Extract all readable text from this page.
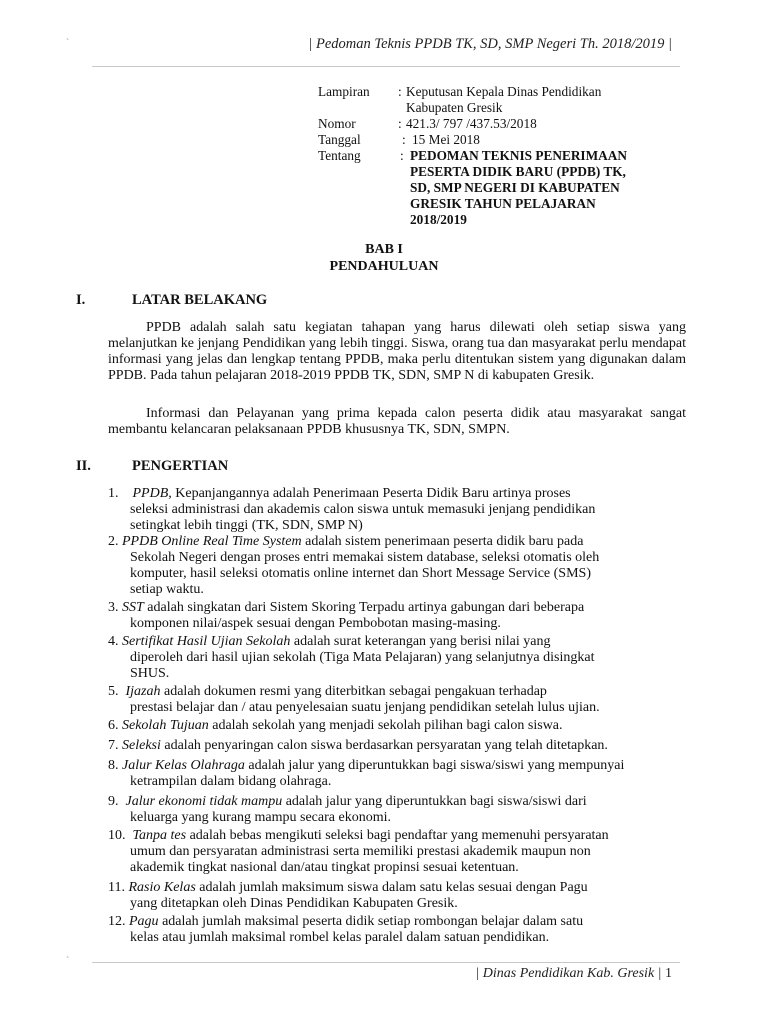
`	| Pedoman Teknis PPDB TK, SD, SMP Negeri Th. 2018/2019 |
Lampiran : Keputusan Kepala Dinas Pendidikan
Kabupaten Gresik
Nomor	: 421.3/ 797 /437.53/2018
Tanggal	: 15 Mei 2018
Tentang	: PEDOMAN TEKNIS PENERIMAAN
PESERTA DIDIK BARU (PPDB) TK,
SD, SMP NEGERI DI KABUPATEN
GRESIK TAHUN PELAJARAN
2018/2019
BAB I
PENDAHULUAN
I.	LATAR BELAKANG
PPDB adalah salah satu kegiatan tahapan yang harus dilewati oleh setiap siswa yang melanjutkan ke jenjang Pendidikan yang lebih tinggi. Siswa, orang tua dan masyarakat perlu mendapat informasi yang jelas dan lengkap tentang PPDB, maka perlu ditentukan sistem yang digunakan dalam PPDB. Pada tahun pelajaran 2018-2019 PPDB TK, SDN, SMP N di kabupaten Gresik.
Informasi dan Pelayanan yang prima kepada calon peserta didik atau masyarakat sangat membantu kelancaran pelaksanaan PPDB khususnya TK, SDN, SMPN.
II.	PENGERTIAN
1. PPDB, Kepanjangannya adalah Penerimaan Peserta Didik Baru artinya proses
seleksi administrasi dan akademis calon siswa untuk memasuki jenjang pendidikan
setingkat lebih tinggi (TK, SDN, SMP N)
2. PPDB Online Real Time System adalah sistem penerimaan peserta didik baru pada
Sekolah Negeri dengan proses entri memakai sistem database, seleksi otomatis oleh
komputer, hasil seleksi otomatis online internet dan Short Message Service (SMS)
setiap waktu.
3. SST adalah singkatan dari Sistem Skoring Terpadu artinya gabungan dari beberapa
komponen nilai/aspek sesuai dengan Pembobotan masing-masing.
4. Sertifikat Hasil Ujian Sekolah adalah surat keterangan yang berisi nilai yang
diperoleh dari hasil ujian sekolah (Tiga Mata Pelajaran) yang selanjutnya disingkat
SHUS.
5. Ijazah adalah dokumen resmi yang diterbitkan sebagai pengakuan terhadap
prestasi belajar dan / atau penyelesaian suatu jenjang pendidikan setelah lulus ujian.
6. Sekolah Tujuan adalah sekolah yang menjadi sekolah pilihan bagi calon siswa.
7. Seleksi adalah penyaringan calon siswa berdasarkan persyaratan yang telah ditetapkan.
8. Jalur Kelas Olahraga adalah jalur yang diperuntukkan bagi siswa/siswi yang mempunyai
ketrampilan dalam bidang olahraga.
9. Jalur ekonomi tidak mampu adalah jalur yang diperuntukkan bagi siswa/siswi dari
keluarga yang kurang mampu secara ekonomi.
10. Tanpa tes adalah bebas mengikuti seleksi bagi pendaftar yang memenuhi persyaratan
umum dan persyaratan administrasi serta memiliki prestasi akademik maupun non
akademik tingkat nasional dan/atau tingkat propinsi sesuai ketentuan.
11. Rasio Kelas adalah jumlah maksimum siswa dalam satu kelas sesuai dengan Pagu
yang ditetapkan oleh Dinas Pendidikan Kabupaten Gresik.
12. Pagu adalah jumlah maksimal peserta didik setiap rombongan belajar dalam satu
kelas atau jumlah maksimal rombel kelas paralel dalam satuan pendidikan.
`
| Dinas Pendidikan Kab. Gresik | 1
